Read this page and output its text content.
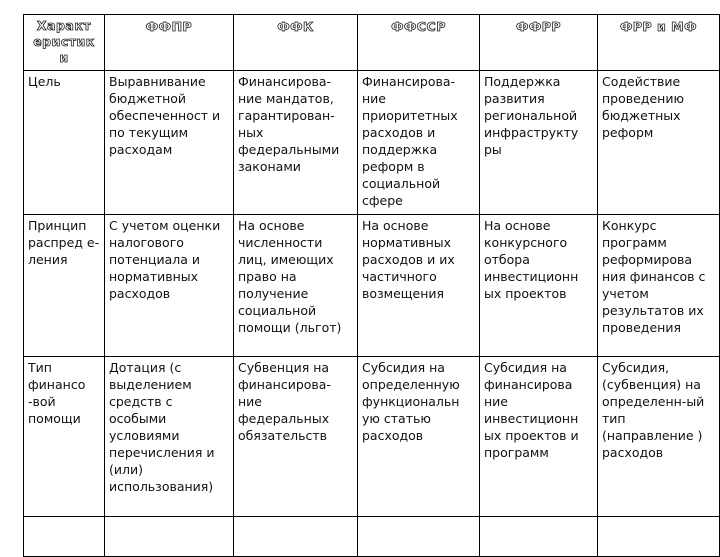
Характ
еристик
и	ФФПР	ФФК	ФФССР	ФФРР	ФРР и МФ
Цель	Выравнивание бюджетной обеспеченност и по текущим расходам	Финансирова-ние мандатов, гарантирован-ных федеральными законами	Финансирова-ние приоритетных расходов и поддержка реформ в социальной сфере	Поддержка развития региональной инфраструкту ры	Содействие проведению бюджетных реформ
Принцип распред е-ления	С учетом оценки налогового потенциала и нормативных расходов	На основе численности лиц, имеющих право на получение социальной помощи (льгот)	На основе нормативных расходов и их частичного возмещения	На основе конкурсного отбора инвестиционн ых проектов	Конкурс программ реформирова ния финансов с учетом результатов их проведения
Тип финансо -вой помощи	Дотация (с выделением средств с особыми условиями перечисления и (или) использования)	Субвенция на финансирова-ние федеральных обязательств	Субсидия на определенную функциональн ую статью расходов	Субсидия на финансирова ние инвестиционн ых проектов и программ	Субсидия, (субвенция) на определенн-ый тип (направление ) расходов
